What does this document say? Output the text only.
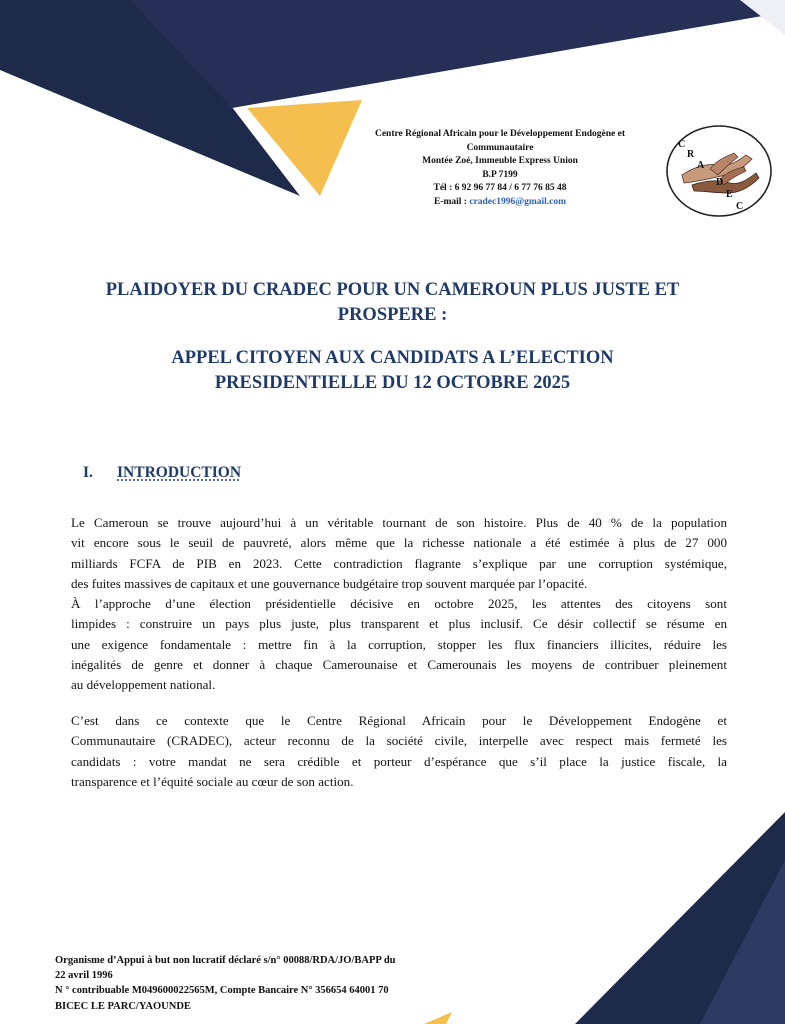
Centre Régional Africain pour le Développement Endogène et
Communautaire
Montée Zoé, Immeuble Express Union
B.P 7199
Tél : 6 92 96 77 84 / 6 77 76 85 48
E-mail : cradec1996@gmail.com
C
R
A
D
E
C
PLAIDOYER DU CRADEC POUR UN CAMEROUN PLUS JUSTE ET
PROSPERE :
APPEL CITOYEN AUX CANDIDATS A L’ELECTION
PRESIDENTIELLE DU 12 OCTOBRE 2025
I. INTRODUCTION
Le Cameroun se trouve aujourd’hui à un véritable tournant de son histoire. Plus de 40 % de la population
vit encore sous le seuil de pauvreté, alors même que la richesse nationale a été estimée à plus de 27 000
milliards FCFA de PIB en 2023. Cette contradiction flagrante s’explique par une corruption systémique,
des fuites massives de capitaux et une gouvernance budgétaire trop souvent marquée par l’opacité.
À l’approche d’une élection présidentielle décisive en octobre 2025, les attentes des citoyens sont
limpides : construire un pays plus juste, plus transparent et plus inclusif. Ce désir collectif se résume en
une exigence fondamentale : mettre fin à la corruption, stopper les flux financiers illicites, réduire les
inégalités de genre et donner à chaque Camerounaise et Camerounais les moyens de contribuer pleinement
au développement national.
C’est dans ce contexte que le Centre Régional Africain pour le Développement Endogène et
Communautaire (CRADEC), acteur reconnu de la société civile, interpelle avec respect mais fermeté les
candidats : votre mandat ne sera crédible et porteur d’espérance que s’il place la justice fiscale, la
transparence et l’équité sociale au cœur de son action.
Organisme d’Appui à but non lucratif déclaré s/n° 00088/RDA/JO/BAPP du
22 avril 1996
N ° contribuable M049600022565M, Compte Bancaire N° 356654 64001 70
BICEC LE PARC/YAOUNDE
